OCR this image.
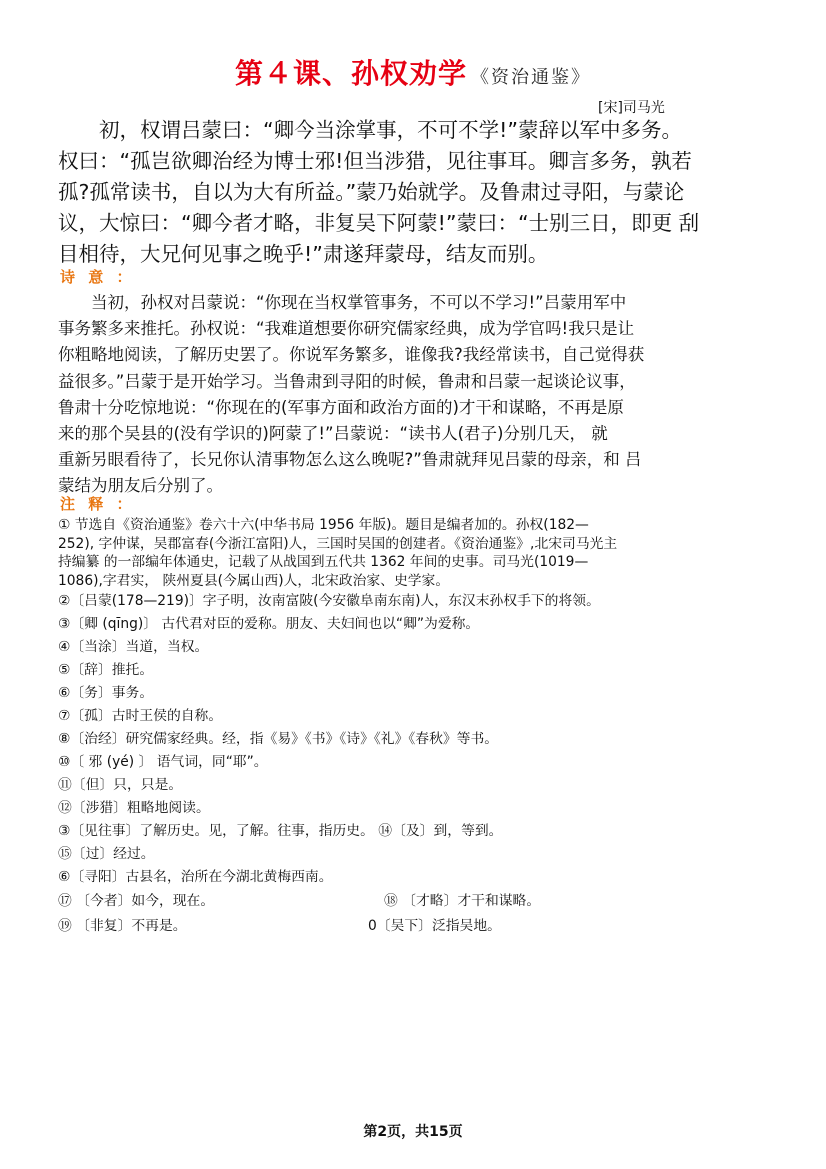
第４课、孙权劝学 《资治通鉴》
[宋]司马光
　　初，权谓吕蒙曰：“卿今当涂掌事，不可不学!”蒙辞以军中多务。
权曰：“孤岂欲卿治经为博士邪!但当涉猎，见往事耳。卿言多务，孰若
孤?孤常读书，自以为大有所益。”蒙乃始就学。及鲁肃过寻阳，与蒙论
议，大惊曰：“卿今者才略，非复吴下阿蒙!”蒙曰：“士别三日，即更 刮
目相待，大兄何见事之晚乎!”肃遂拜蒙母，结友而别。
诗 意 ：
　　当初，孙权对吕蒙说：“你现在当权掌管事务，不可以不学习!”吕蒙用军中
事务繁多来推托。孙权说：“我难道想要你研究儒家经典，成为学官吗!我只是让
你粗略地阅读，了解历史罢了。你说军务繁多，谁像我?我经常读书，自己觉得获
益很多。”吕蒙于是开始学习。当鲁肃到寻阳的时候，鲁肃和吕蒙一起谈论议事，
鲁肃十分吃惊地说：“你现在的(军事方面和政治方面的)才干和谋略，不再是原
来的那个吴县的(没有学识的)阿蒙了!”吕蒙说：“读书人(君子)分别几天， 就
重新另眼看待了，长兄你认清事物怎么这么晚呢?”鲁肃就拜见吕蒙的母亲，和 吕
蒙结为朋友后分别了。
注 释 ：
① 节选自《资治通鉴》卷六十六(中华书局 1956 年版)。题目是编者加的。孙权(182—
252), 字仲谋，吴郡富春(今浙江富阳)人，三国时吴国的创建者。《资治通鉴》,北宋司马光主
持编纂 的一部编年体通史，记载了从战国到五代共 1362 年间的史事。司马光(1019—
1086),字君实， 陕州夏县(今属山西)人，北宋政治家、史学家。
②〔吕蒙(178—219)〕字子明，汝南富陂(今安徽阜南东南)人，东汉末孙权手下的将领。
③〔卿 (qīng)〕 古代君对臣的爱称。朋友、夫妇间也以“卿”为爱称。
④〔当涂〕当道，当权。
⑤〔辞〕推托。
⑥〔务〕事务。
⑦〔孤〕古时王侯的自称。
⑧〔治经〕研究儒家经典。经，指《易》《书》《诗》《礼》《春秋》等书。
⑩〔 邪 (yé) 〕 语气词，同“耶”。
⑪〔但〕只，只是。
⑫〔涉猎〕粗略地阅读。
③〔见往事〕了解历史。见，了解。往事，指历史。 ⑭〔及〕到，等到。
⑮〔过〕经过。
⑥〔寻阳〕古县名，治所在今湖北黄梅西南。
⑰ 〔今者〕如今，现在。	⑱ 〔才略〕才干和谋略。
⑲ 〔非复〕不再是。	0〔吴下〕泛指吴地。
第2页，共15页
